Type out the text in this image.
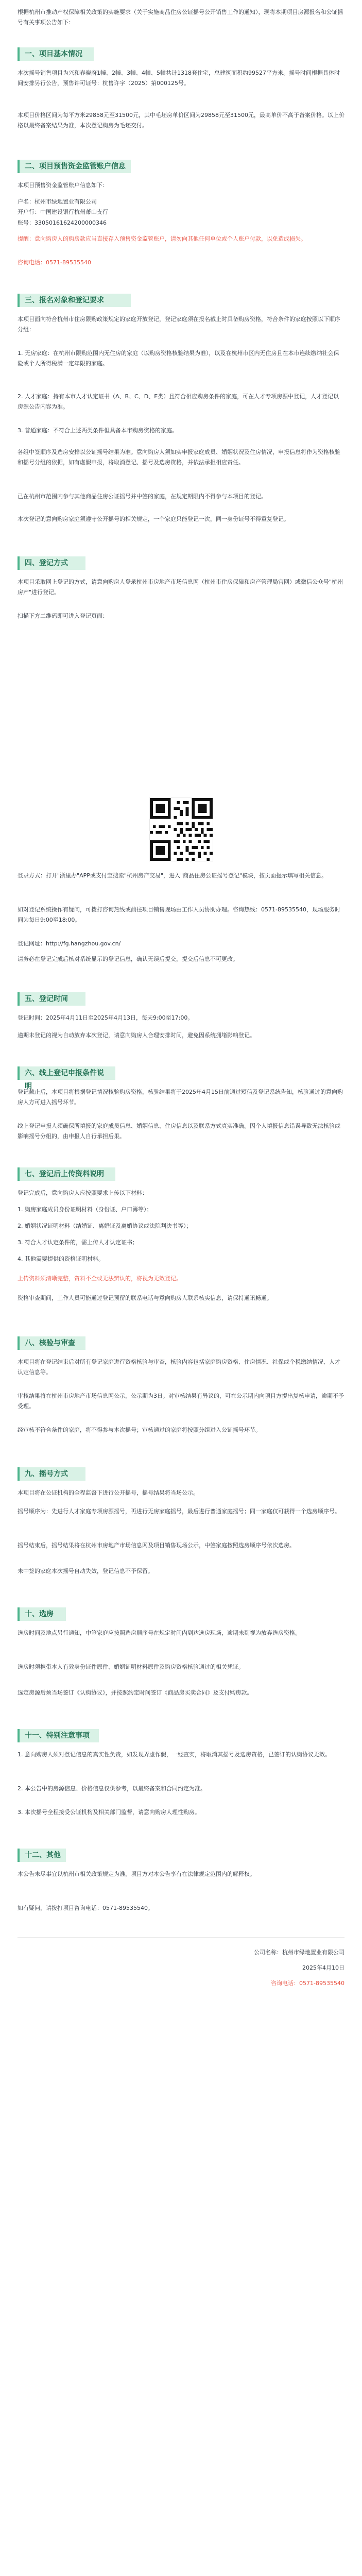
根据杭州市推动产权保障相关政策的实施要求（关于实施商品住房公证摇号公开销售工作的通知），现将本期项目房源报名和公证摇号有关事项公告如下：

一、项目基本情况

本次摇号销售项目为兴和春晓府1幢、2幢、3幢、4幢、5幢共计1318套住宅，总建筑面积约99527平方米。摇号时间根据具体时间安排另行公告，预售许可证号：杭售许字（2025）第000125号。

本项目价格区间为每平方米29858元至31500元，其中毛坯房单价区间为29858元至31500元，最高单价不高于备案价格。以上价格以最终备案结果为准，本次登记购房为毛坯交付。

二、项目预售资金监管账户信息

本项目预售资金监管账户信息如下：

户名：杭州市绿地置业有限公司
开户行：中国建设银行杭州萧山支行
账号：33050161624200000346

提醒：意向购房人的购房款应当直接存入预售资金监管账户，请勿向其他任何单位或个人账户付款，以免造成损失。

咨询电话：0571-89535540

三、报名对象和登记要求

本项目面向符合杭州市住房限购政策规定的家庭开放登记，登记家庭须在报名截止时具备购房资格，符合条件的家庭按照以下顺序分组：

1. 无房家庭：在杭州市限购范围内无住房的家庭（以购房资格核验结果为准），以及在杭州市区内无住房且在本市连续缴纳社会保险或个人所得税满一定年限的家庭。

2. 人才家庭：持有本市人才认定证书（A、B、C、D、E类）且符合相应购房条件的家庭，可在人才专项房源中登记，人才登记以房源公告内容为准。

3. 普通家庭：不符合上述两类条件但具备本市购房资格的家庭。

各组中签顺序及选房安排以公证摇号结果为准。意向购房人须如实申报家庭成员、婚姻状况及住房情况，申报信息将作为资格核验和摇号分组的依据，如有虚假申报，将取消登记、摇号及选房资格，并依法承担相应责任。

已在杭州市范围内参与其他商品住房公证摇号并中签的家庭，在规定期限内不得参与本项目的登记。

本次登记的意向购房家庭须遵守公开摇号的相关规定，一个家庭只能登记一次，同一身份证号不得重复登记。

四、登记方式

本项目采取网上登记的方式，请意向购房人登录杭州市房地产市场信息网（杭州市住房保障和房产管理局官网）或微信公众号"杭州房产"进行登记。

扫描下方二维码即可进入登记页面：

登录方式：打开"浙里办"APP或支付宝搜索"杭州房产交易"，进入"商品住房公证摇号登记"模块，按页面提示填写相关信息。

如对登记系统操作有疑问，可拨打咨询热线或前往项目销售现场由工作人员协助办理。咨询热线：0571-89535540，现场服务时间为每日9:00至18:00。

登记网址：http://fg.hangzhou.gov.cn/

请务必在登记完成后核对系统显示的登记信息，确认无误后提交，提交后信息不可更改。

五、登记时间

登记时间：2025年4月11日至2025年4月13日，每天9:00至17:00。

逾期未登记的视为自动放弃本次登记，请意向购房人合理安排时间，避免因系统拥堵影响登记。

六、线上登记申报条件说明

登记截止后，本项目将根据登记情况核验购房资格，核验结果将于2025年4月15日前通过短信及登记系统告知，核验通过的意向购房人方可进入摇号环节。

线上登记申报人须确保所填报的家庭成员信息、婚姻信息、住房信息以及联系方式真实准确。因个人填报信息错误导致无法核验或影响摇号分组的，由申报人自行承担后果。

七、登记后上传资料说明

登记完成后，意向购房人应按照要求上传以下材料：

1. 购房家庭成员身份证明材料（身份证、户口簿等）；

2. 婚姻状况证明材料（结婚证、离婚证及离婚协议或法院判决书等）；

3. 符合人才认定条件的，需上传人才认定证书；

4. 其他需要提供的资格证明材料。

上传资料须清晰完整，资料不全或无法辨认的，将视为无效登记。

资格审查期间，工作人员可能通过登记预留的联系电话与意向购房人联系核实信息，请保持通讯畅通。

八、核验与审查

本项目将在登记结束后对所有登记家庭进行资格核验与审查，核验内容包括家庭购房资格、住房情况、社保或个税缴纳情况、人才认定信息等。

审核结果将在杭州市房地产市场信息网公示，公示期为3日。对审核结果有异议的，可在公示期内向项目方提出复核申请，逾期不予受理。

经审核不符合条件的家庭，将不得参与本次摇号；审核通过的家庭将按照分组进入公证摇号环节。

九、摇号方式

本项目将在公证机构的全程监督下进行公开摇号，摇号结果将当场公示。

摇号顺序为：先进行人才家庭专项房源摇号，再进行无房家庭摇号，最后进行普通家庭摇号；同一家庭仅可获得一个选房顺序号。

摇号结束后，摇号结果将在杭州市房地产市场信息网及项目销售现场公示，中签家庭按照选房顺序号依次选房。

未中签的家庭本次摇号自动失效，登记信息不予保留。

十、选房

选房时间及地点另行通知，中签家庭应按照选房顺序号在规定时间内到达选房现场，逾期未到视为放弃选房资格。

选房时须携带本人有效身份证件原件、婚姻证明材料原件及购房资格核验通过的相关凭证。

选定房源后须当场签订《认购协议》，并按照约定时间签订《商品房买卖合同》及支付购房款。

十一、特别注意事项

1. 意向购房人须对登记信息的真实性负责，如发现弄虚作假，一经查实，将取消其摇号及选房资格，已签订的认购协议无效。

2. 本公告中的房源信息、价格信息仅供参考，以最终备案和合同约定为准。

3. 本次摇号全程接受公证机构及相关部门监督，请意向购房人理性购房。

十二、其他

本公告未尽事宜以杭州市相关政策规定为准，项目方对本公告享有在法律规定范围内的解释权。

如有疑问，请拨打项目咨询电话：0571-89535540。

公司名称：杭州市绿地置业有限公司

2025年4月10日

咨询电话：0571-89535540
